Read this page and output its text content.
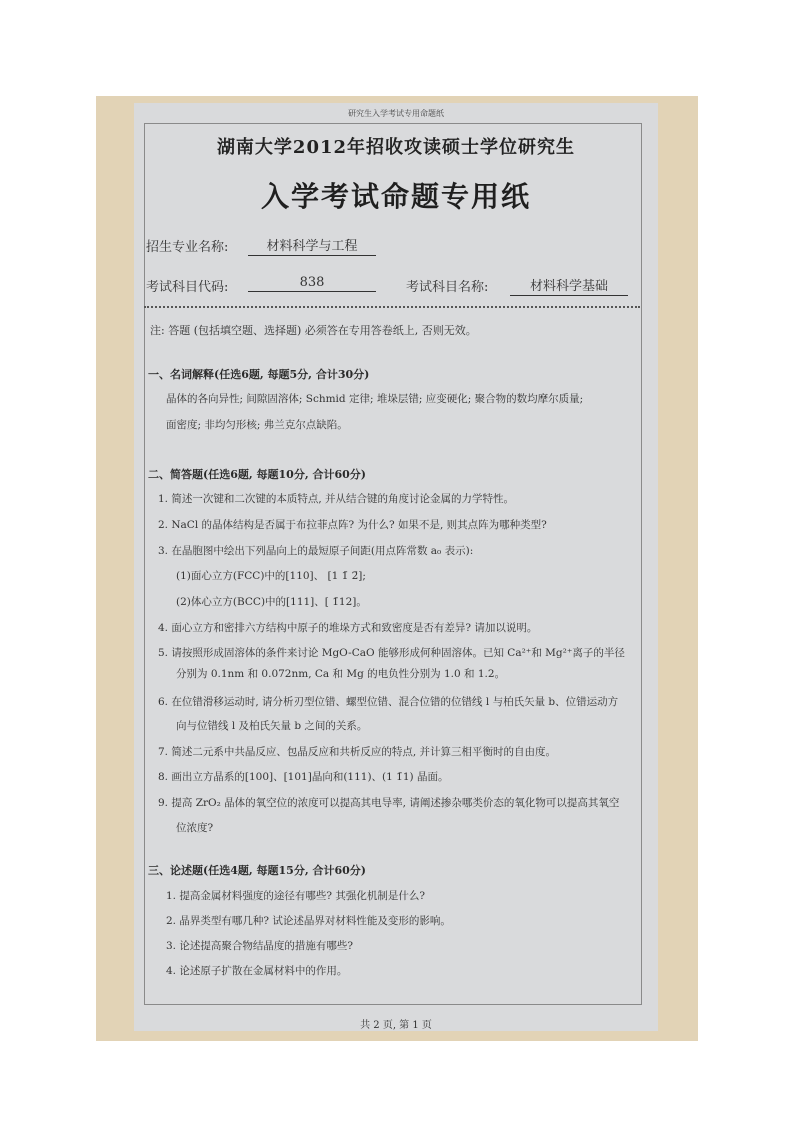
研究生入学考试专用命题纸
湖南大学2012年招收攻读硕士学位研究生
入学考试命题专用纸
招生专业名称:	材料科学与工程
考试科目代码:	838	考试科目名称:	材料科学基础
注: 答题 (包括填空题、选择题) 必须答在专用答卷纸上, 否则无效。
一、名词解释(任选6题, 每题5分, 合计30分)
晶体的各向异性; 间隙固溶体; Schmid 定律; 堆垛层错; 应变硬化; 聚合物的数均摩尔质量;
面密度; 非均匀形核; 弗兰克尔点缺陷。
二、简答题(任选6题, 每题10分, 合计60分)
1. 简述一次键和二次键的本质特点, 并从结合键的角度讨论金属的力学特性。
2. NaCl 的晶体结构是否属于布拉菲点阵? 为什么? 如果不是, 则其点阵为哪种类型?
3. 在晶胞图中绘出下列晶向上的最短原子间距(用点阵常数 a₀ 表示):
(1)面心立方(FCC)中的[110]、 [1 1̄ 2̄];
(2)体心立方(BCC)中的[111]、[ 1̄12]。
4. 面心立方和密排六方结构中原子的堆垛方式和致密度是否有差异? 请加以说明。
5. 请按照形成固溶体的条件来讨论 MgO-CaO 能够形成何种固溶体。已知 Ca²⁺和 Mg²⁺离子的半径
分别为 0.1nm 和 0.072nm, Ca 和 Mg 的电负性分别为 1.0 和 1.2。
6. 在位错滑移运动时, 请分析刃型位错、螺型位错、混合位错的位错线 l 与柏氏矢量 b、位错运动方
向与位错线 l 及柏氏矢量 b 之间的关系。
7. 简述二元系中共晶反应、包晶反应和共析反应的特点, 并计算三相平衡时的自由度。
8. 画出立方晶系的[100]、[101]晶向和(111)、(1 1̄1) 晶面。
9. 提高 ZrO₂ 晶体的氧空位的浓度可以提高其电导率, 请阐述掺杂哪类价态的氧化物可以提高其氧空
位浓度?
三、论述题(任选4题, 每题15分, 合计60分)
1. 提高金属材料强度的途径有哪些? 其强化机制是什么?
2. 晶界类型有哪几种? 试论述晶界对材料性能及变形的影响。
3. 论述提高聚合物结晶度的措施有哪些?
4. 论述原子扩散在金属材料中的作用。
共 2 页, 第 1 页
